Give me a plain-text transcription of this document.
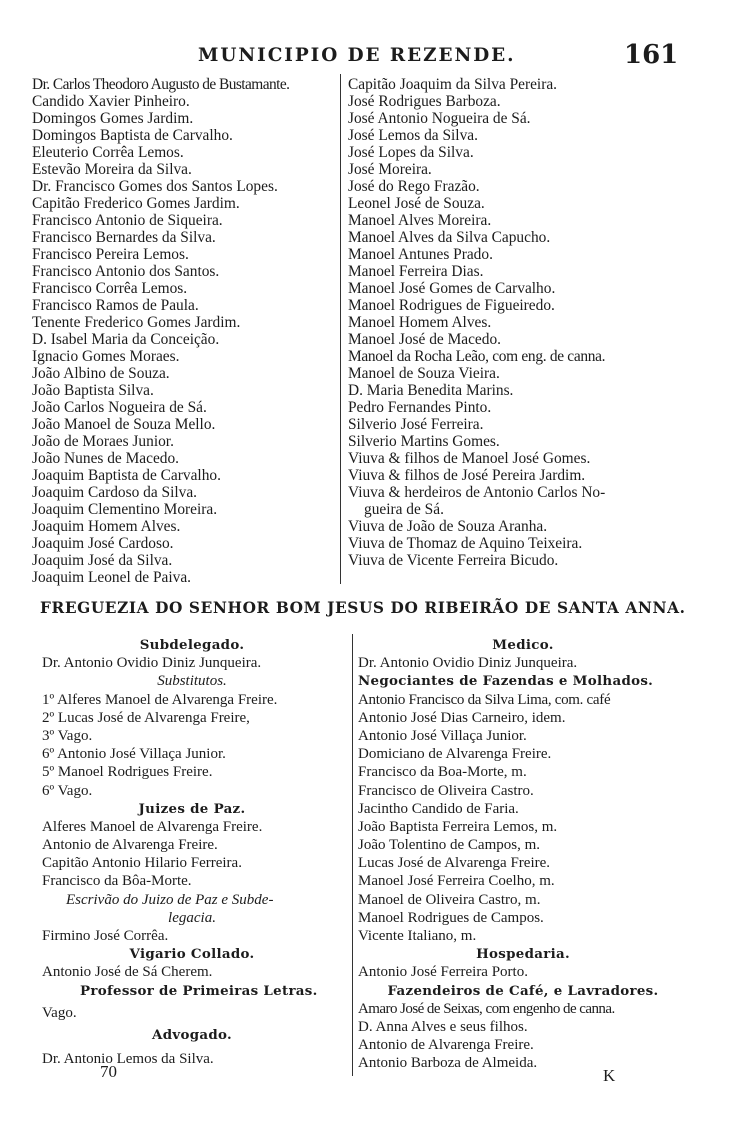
MUNICIPIO DE REZENDE.	161
Dr. Carlos Theodoro Augusto de Bustamante.
Candido Xavier Pinheiro.
Domingos Gomes Jardim.
Domingos Baptista de Carvalho.
Eleuterio Corrêa Lemos.
Estevão Moreira da Silva.
Dr. Francisco Gomes dos Santos Lopes.
Capitão Frederico Gomes Jardim.
Francisco Antonio de Siqueira.
Francisco Bernardes da Silva.
Francisco Pereira Lemos.
Francisco Antonio dos Santos.
Francisco Corrêa Lemos.
Francisco Ramos de Paula.
Tenente Frederico Gomes Jardim.
D. Isabel Maria da Conceição.
Ignacio Gomes Moraes.
João Albino de Souza.
João Baptista Silva.
João Carlos Nogueira de Sá.
João Manoel de Souza Mello.
João de Moraes Junior.
João Nunes de Macedo.
Joaquim Baptista de Carvalho.
Joaquim Cardoso da Silva.
Joaquim Clementino Moreira.
Joaquim Homem Alves.
Joaquim José Cardoso.
Joaquim José da Silva.
Joaquim Leonel de Paiva.
Capitão Joaquim da Silva Pereira.
José Rodrigues Barboza.
José Antonio Nogueira de Sá.
José Lemos da Silva.
José Lopes da Silva.
José Moreira.
José do Rego Frazão.
Leonel José de Souza.
Manoel Alves Moreira.
Manoel Alves da Silva Capucho.
Manoel Antunes Prado.
Manoel Ferreira Dias.
Manoel José Gomes de Carvalho.
Manoel Rodrigues de Figueiredo.
Manoel Homem Alves.
Manoel José de Macedo.
Manoel da Rocha Leão, com eng. de canna.
Manoel de Souza Vieira.
D. Maria Benedita Marins.
Pedro Fernandes Pinto.
Silverio José Ferreira.
Silverio Martins Gomes.
Viuva & filhos de Manoel José Gomes.
Viuva & filhos de José Pereira Jardim.
Viuva & herdeiros de Antonio Carlos No-
gueira de Sá.
Viuva de João de Souza Aranha.
Viuva de Thomaz de Aquino Teixeira.
Viuva de Vicente Ferreira Bicudo.
FREGUEZIA DO SENHOR BOM JESUS DO RIBEIRÃO DE SANTA ANNA.
Subdelegado.
Dr. Antonio Ovidio Diniz Junqueira.
Substitutos.
1º Alferes Manoel de Alvarenga Freire.
2º Lucas José de Alvarenga Freire,
3º Vago.
6º Antonio José Villaça Junior.
5º Manoel Rodrigues Freire.
6º Vago.
Juizes de Paz.
Alferes Manoel de Alvarenga Freire.
Antonio de Alvarenga Freire.
Capitão Antonio Hilario Ferreira.
Francisco da Bôa-Morte.
Escrivão do Juizo de Paz e Subde-
legacia.
Firmino José Corrêa.
Vigario Collado.
Antonio José de Sá Cherem.
Professor de Primeiras Letras.
Vago.
Advogado.
Dr. Antonio Lemos da Silva.
Medico.
Dr. Antonio Ovidio Diniz Junqueira.
Negociantes de Fazendas e Molhados.
Antonio Francisco da Silva Lima, com. café
Antonio José Dias Carneiro, idem.
Antonio José Villaça Junior.
Domiciano de Alvarenga Freire.
Francisco da Boa-Morte, m.
Francisco de Oliveira Castro.
Jacintho Candido de Faria.
João Baptista Ferreira Lemos, m.
João Tolentino de Campos, m.
Lucas José de Alvarenga Freire.
Manoel José Ferreira Coelho, m.
Manoel de Oliveira Castro, m.
Manoel Rodrigues de Campos.
Vicente Italiano, m.
Hospedaria.
Antonio José Ferreira Porto.
Fazendeiros de Café, e Lavradores.
Amaro José de Seixas, com engenho de canna.
D. Anna Alves e seus filhos.
Antonio de Alvarenga Freire.
Antonio Barboza de Almeida.
70	K
